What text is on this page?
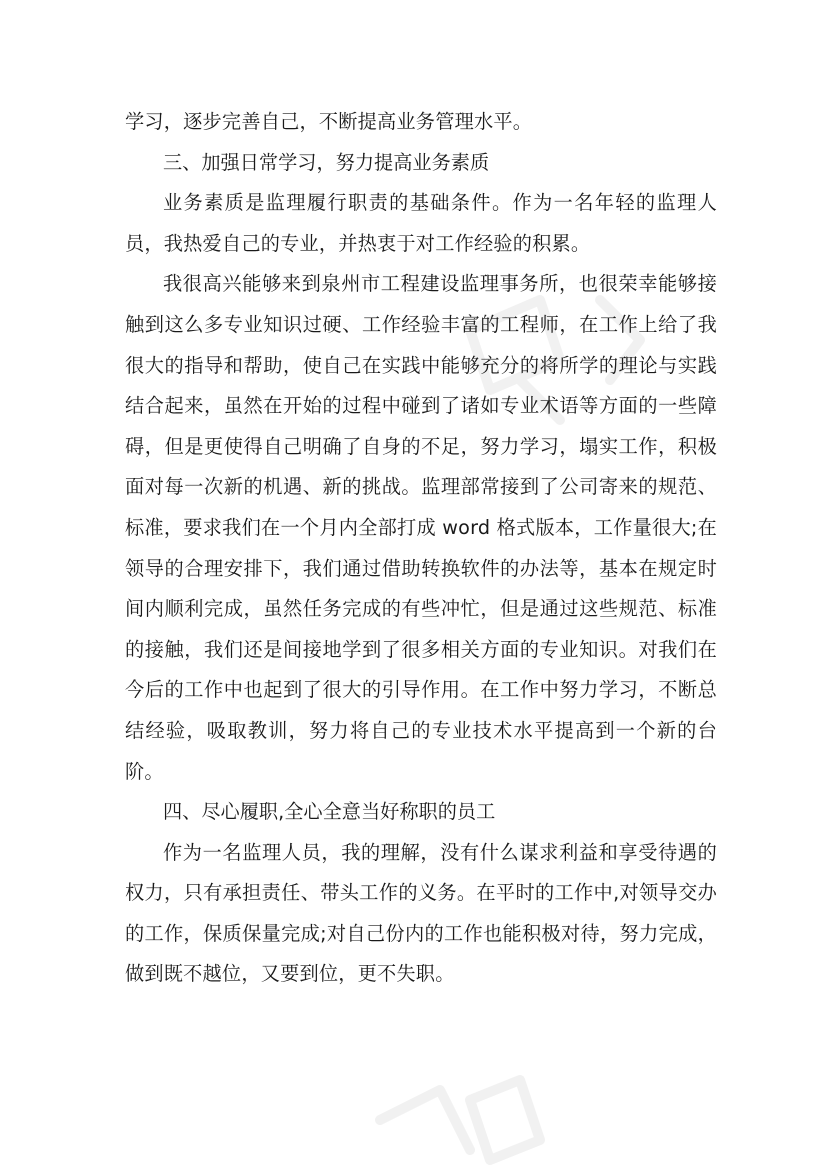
学习，逐步完善自己，不断提高业务管理水平。

三、加强日常学习，努力提高业务素质

业务素质是监理履行职责的基础条件。作为一名年轻的监理人员，我热爱自己的专业，并热衷于对工作经验的积累。

我很高兴能够来到泉州市工程建设监理事务所，也很荣幸能够接触到这么多专业知识过硬、工作经验丰富的工程师，在工作上给了我很大的指导和帮助，使自己在实践中能够充分的将所学的理论与实践结合起来，虽然在开始的过程中碰到了诸如专业术语等方面的一些障碍，但是更使得自己明确了自身的不足，努力学习，塌实工作，积极面对每一次新的机遇、新的挑战。监理部常接到了公司寄来的规范、标准，要求我们在一个月内全部打成 word 格式版本，工作量很大;在领导的合理安排下，我们通过借助转换软件的办法等，基本在规定时间内顺利完成，虽然任务完成的有些冲忙，但是通过这些规范、标准的接触，我们还是间接地学到了很多相关方面的专业知识。对我们在今后的工作中也起到了很大的引导作用。在工作中努力学习，不断总结经验，吸取教训，努力将自己的专业技术水平提高到一个新的台阶。

四、尽心履职,全心全意当好称职的员工

作为一名监理人员，我的理解，没有什么谋求利益和享受待遇的权力，只有承担责任、带头工作的义务。在平时的工作中,对领导交办的工作，保质保量完成;对自己份内的工作也能积极对待，努力完成，做到既不越位，又要到位，更不失职。
